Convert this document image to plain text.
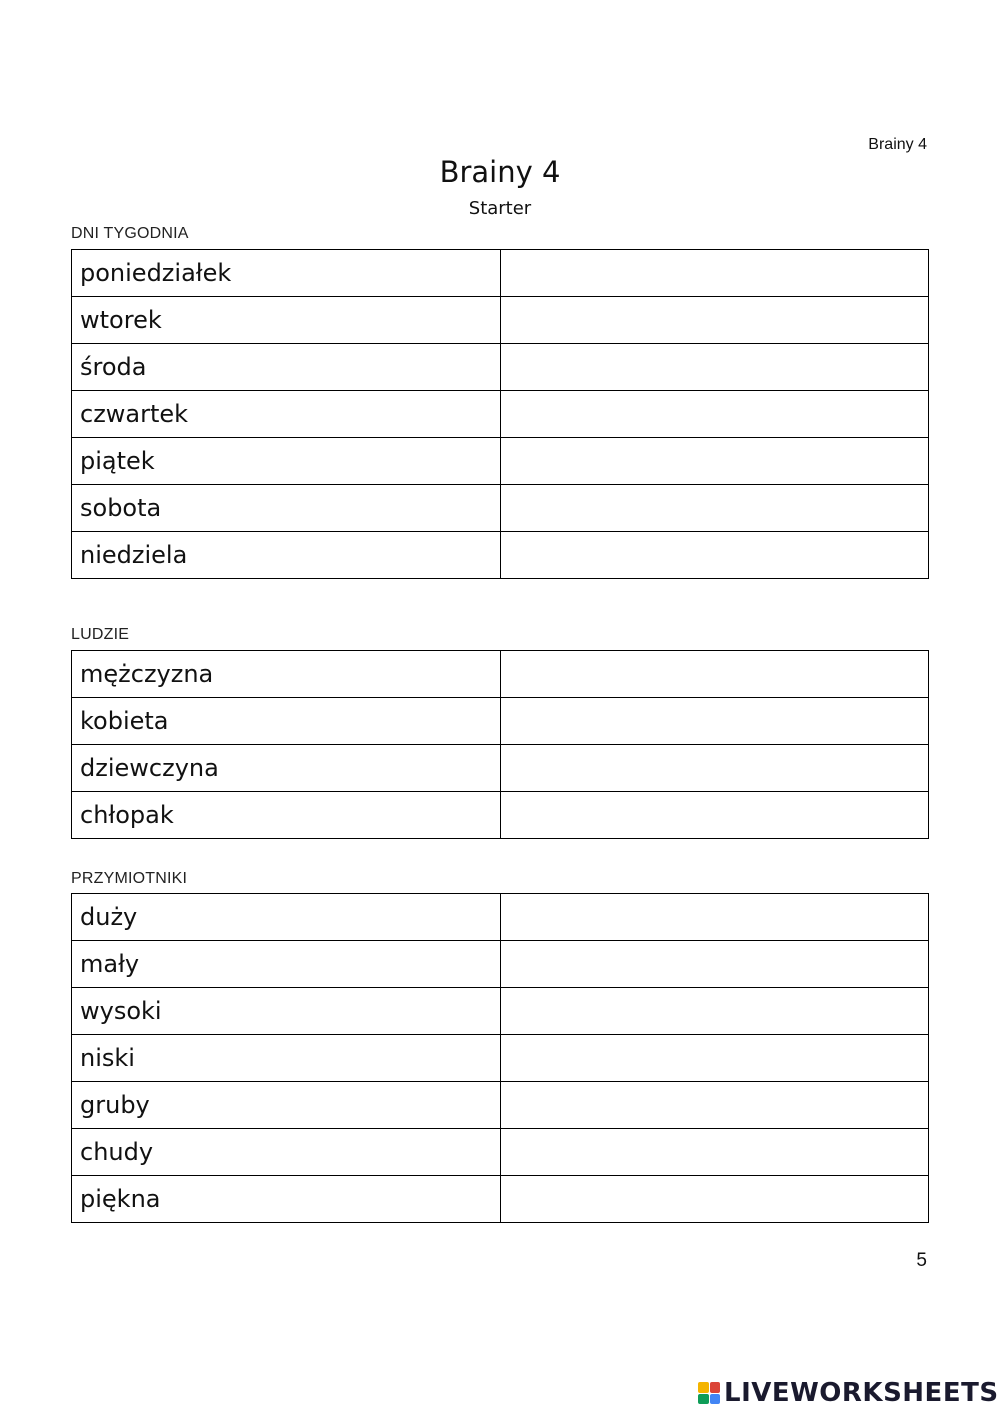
Brainy 4
Brainy 4
Starter
DNI TYGODNIA
poniedziałek	
wtorek	
środa	
czwartek	
piątek	
sobota	
niedziela	
LUDZIE
mężczyzna	
kobieta	
dziewczyna	
chłopak	
PRZYMIOTNIKI
duży	
mały	
wysoki	
niski	
gruby	
chudy	
piękna	
5
LIVEWORKSHEETS
